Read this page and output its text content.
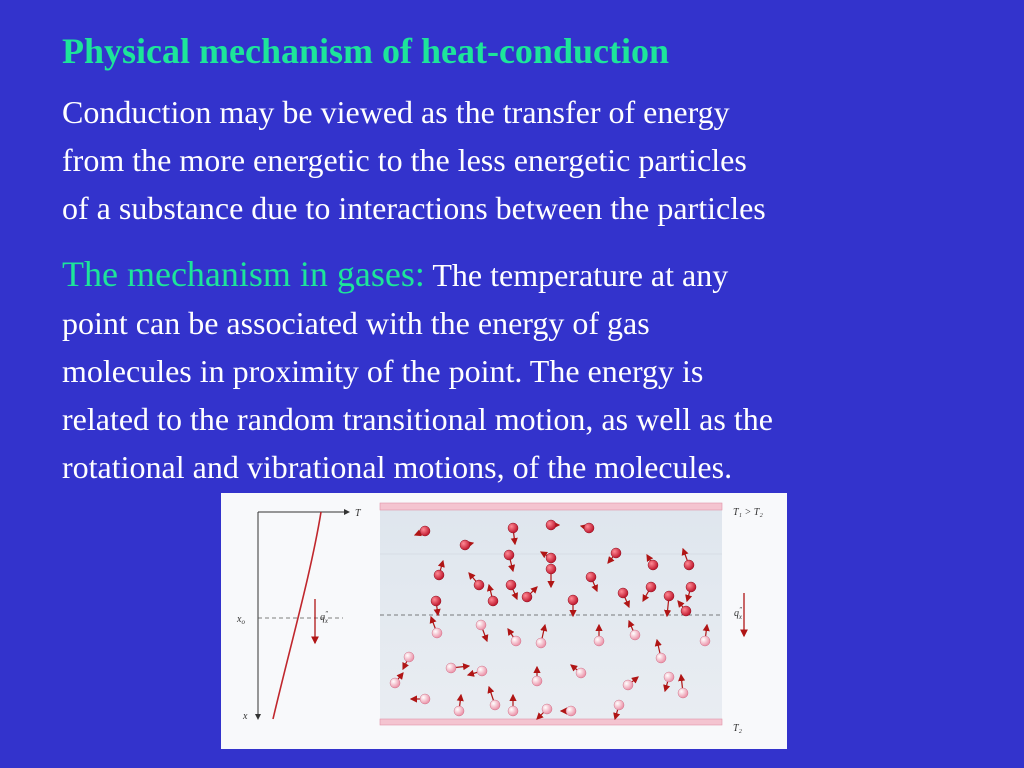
Physical mechanism of heat-conduction
Conduction may be viewed as the transfer of energy
from the more energetic to the less energetic particles
of a substance due to interactions between the particles
The mechanism in gases: The temperature at any
point can be associated with the energy of gas
molecules in proximity of the point. The energy is
related to the random transitional motion, as well as the
rotational and vibrational motions, of the molecules.
T
x
$x_o$	q″ x
T₁ > T₂
T₂
q″ x
